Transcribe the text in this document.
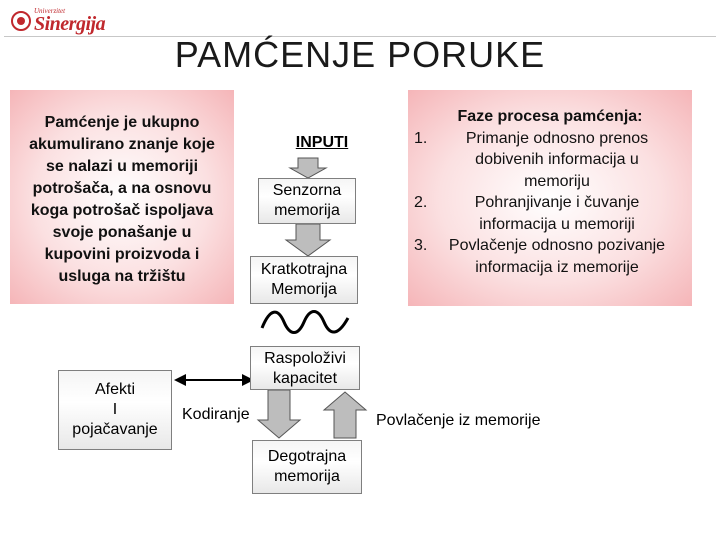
Univerzitet
Sinergija
PAMĆENJE PORUKE
Pamćenje je ukupno
akumulirano znanje koje
se nalazi u memoriji
potrošača, a na osnovu
koga potrošač ispoljava
svoje ponašanje u
kupovini proizvoda i
usluga na tržištu
Faze procesa pamćenja:
1.	Primanje odnosno prenos
dobivenih informacija u
memoriju
2.	Pohranjivanje i čuvanje
informacija u memoriji
3.	Povlačenje odnosno pozivanje
informacija iz memorije
INPUTI
Senzorna
memorija
Kratkotrajna
Memorija
Raspoloživi
kapacitet
Kodiranje	Povlačenje iz memorije
Degotrajna
memorija
Afekti
I
pojačavanje
